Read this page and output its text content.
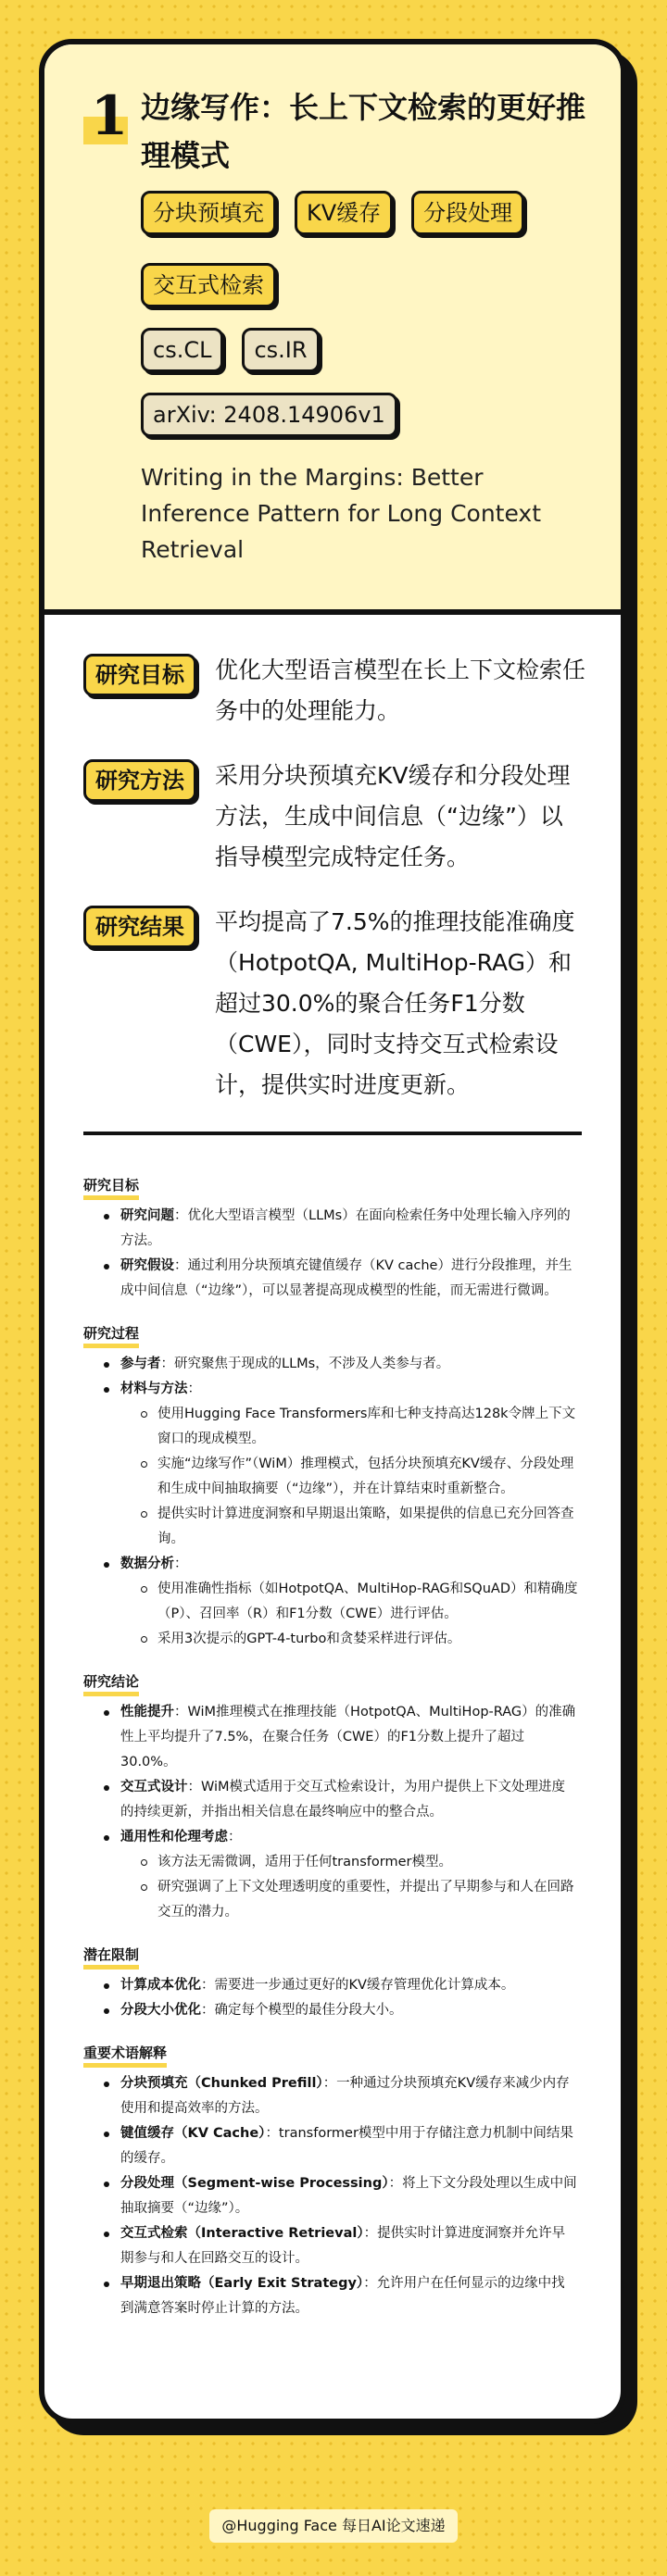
1 边缘写作：长上下文检索的更好推理模式
分块预填充	KV缓存	分段处理
交互式检索
cs.CL	cs.IR
arXiv: 2408.14906v1
Writing in the Margins: Better Inference Pattern for Long Context Retrieval
研究目标	优化大型语言模型在长上下文检索任务中的处理能力。
研究方法	采用分块预填充KV缓存和分段处理方法，生成中间信息（“边缘”）以指导模型完成特定任务。
研究结果	平均提高了7.5%的推理技能准确度（HotpotQA, MultiHop-RAG）和超过30.0%的聚合任务F1分数（CWE），同时支持交互式检索设计，提供实时进度更新。
研究目标
研究问题：优化大型语言模型（LLMs）在面向检索任务中处理长输入序列的方法。
研究假设：通过利用分块预填充键值缓存（KV cache）进行分段推理，并生成中间信息（“边缘”），可以显著提高现成模型的性能，而无需进行微调。
研究过程
参与者：研究聚焦于现成的LLMs，不涉及人类参与者。
材料与方法：
使用Hugging Face Transformers库和七种支持高达128k令牌上下文窗口的现成模型。
实施“边缘写作”（WiM）推理模式，包括分块预填充KV缓存、分段处理和生成中间抽取摘要（“边缘”），并在计算结束时重新整合。
提供实时计算进度洞察和早期退出策略，如果提供的信息已充分回答查询。
数据分析：
使用准确性指标（如HotpotQA、MultiHop-RAG和SQuAD）和精确度（P）、召回率（R）和F1分数（CWE）进行评估。
采用3次提示的GPT-4-turbo和贪婪采样进行评估。
研究结论
性能提升：WiM推理模式在推理技能（HotpotQA、MultiHop-RAG）的准确性上平均提升了7.5%，在聚合任务（CWE）的F1分数上提升了超过30.0%。
交互式设计：WiM模式适用于交互式检索设计，为用户提供上下文处理进度的持续更新，并指出相关信息在最终响应中的整合点。
通用性和伦理考虑：
该方法无需微调，适用于任何transformer模型。
研究强调了上下文处理透明度的重要性，并提出了早期参与和人在回路交互的潜力。
潜在限制
计算成本优化：需要进一步通过更好的KV缓存管理优化计算成本。
分段大小优化：确定每个模型的最佳分段大小。
重要术语解释
分块预填充（Chunked Prefill）：一种通过分块预填充KV缓存来减少内存使用和提高效率的方法。
键值缓存（KV Cache）：transformer模型中用于存储注意力机制中间结果的缓存。
分段处理（Segment-wise Processing）：将上下文分段处理以生成中间抽取摘要（“边缘”）。
交互式检索（Interactive Retrieval）：提供实时计算进度洞察并允许早期参与和人在回路交互的设计。
早期退出策略（Early Exit Strategy）：允许用户在任何显示的边缘中找到满意答案时停止计算的方法。
@Hugging Face 每日AI论文速递
